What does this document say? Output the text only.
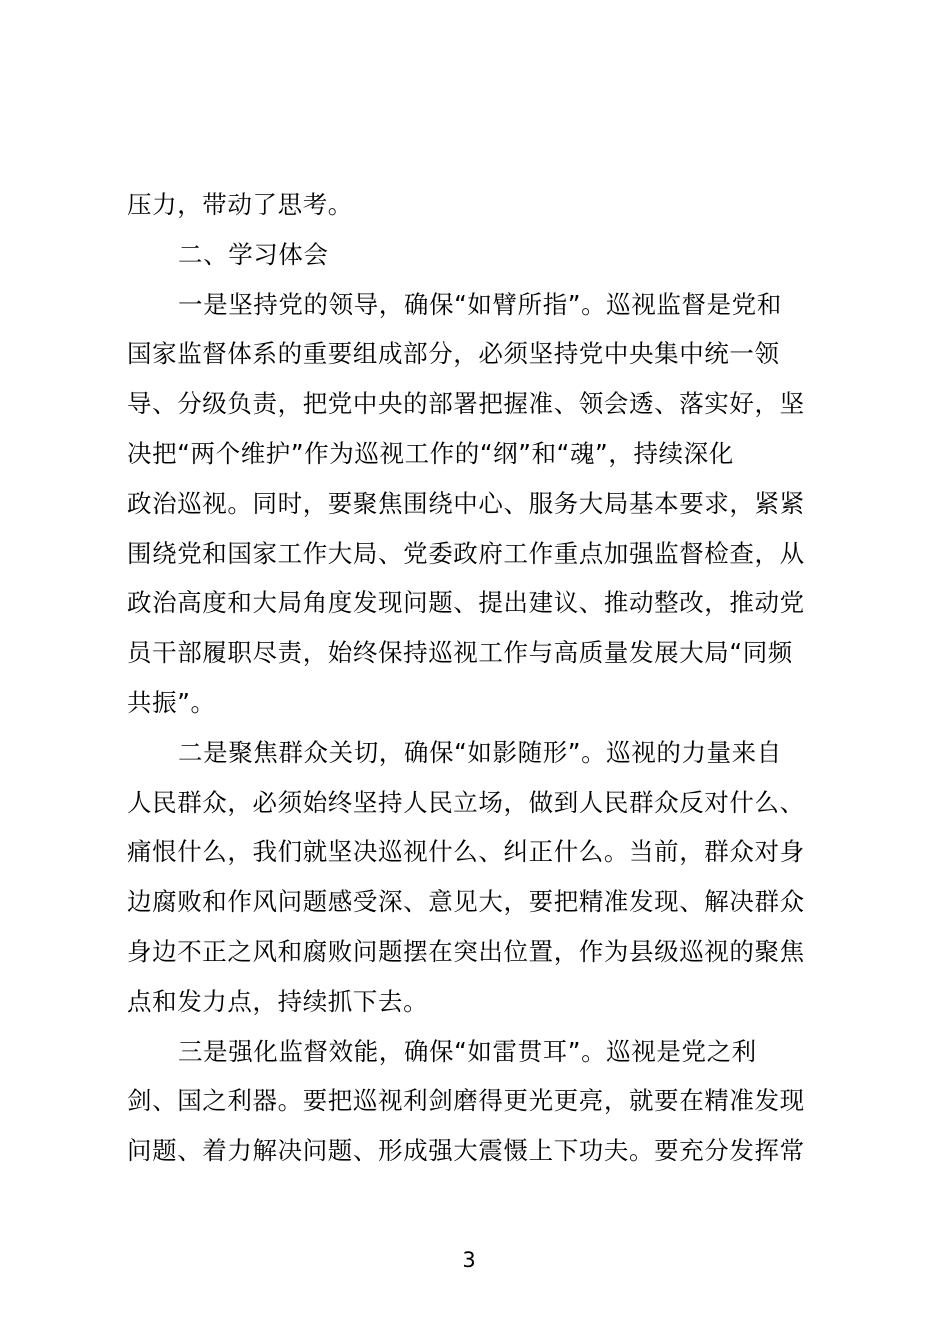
压力，带动了思考。
二、学习体会
一是坚持党的领导，确保“如臂所指”。巡视监督是党和
国家监督体系的重要组成部分，必须坚持党中央集中统一领
导、分级负责，把党中央的部署把握准、领会透、落实好，坚
决把“两个维护”作为巡视工作的“纲”和“魂”，持续深化
政治巡视。同时，要聚焦围绕中心、服务大局基本要求，紧紧
围绕党和国家工作大局、党委政府工作重点加强监督检查，从
政治高度和大局角度发现问题、提出建议、推动整改，推动党
员干部履职尽责，始终保持巡视工作与高质量发展大局“同频
共振”。
二是聚焦群众关切，确保“如影随形”。巡视的力量来自
人民群众，必须始终坚持人民立场，做到人民群众反对什么、
痛恨什么，我们就坚决巡视什么、纠正什么。当前，群众对身
边腐败和作风问题感受深、意见大，要把精准发现、解决群众
身边不正之风和腐败问题摆在突出位置，作为县级巡视的聚焦
点和发力点，持续抓下去。
三是强化监督效能，确保“如雷贯耳”。巡视是党之利
剑、国之利器。要把巡视利剑磨得更光更亮，就要在精准发现
问题、着力解决问题、形成强大震慑上下功夫。要充分发挥常
3
